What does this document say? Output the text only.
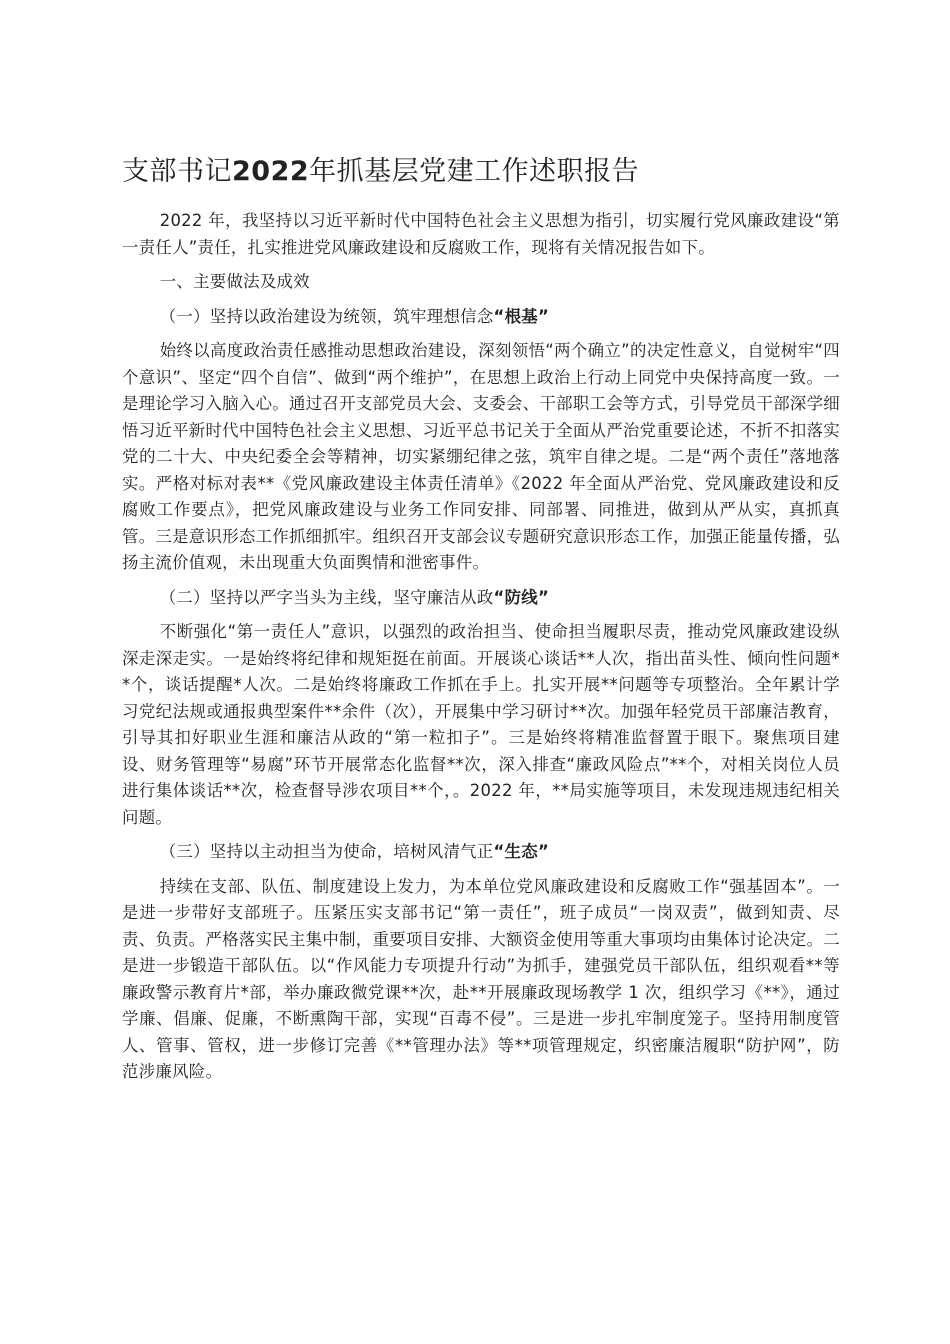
支部书记2022年抓基层党建工作述职报告

2022 年，我坚持以习近平新时代中国特色社会主义思想为指引，切实履行党风廉政建设“第一责任人”责任，扎实推进党风廉政建设和反腐败工作，现将有关情况报告如下。

一、主要做法及成效

（一）坚持以政治建设为统领，筑牢理想信念“根基”

始终以高度政治责任感推动思想政治建设，深刻领悟“两个确立”的决定性意义，自觉树牢“四个意识”、坚定“四个自信”、做到“两个维护”，在思想上政治上行动上同党中央保持高度一致。一是理论学习入脑入心。通过召开支部党员大会、支委会、干部职工会等方式，引导党员干部深学细悟习近平新时代中国特色社会主义思想、习近平总书记关于全面从严治党重要论述，不折不扣落实党的二十大、中央纪委全会等精神，切实紧绷纪律之弦，筑牢自律之堤。二是“两个责任”落地落实。严格对标对表**《党风廉政建设主体责任清单》《2022 年全面从严治党、党风廉政建设和反腐败工作要点》，把党风廉政建设与业务工作同安排、同部署、同推进，做到从严从实，真抓真管。三是意识形态工作抓细抓牢。组织召开支部会议专题研究意识形态工作，加强正能量传播，弘扬主流价值观，未出现重大负面舆情和泄密事件。

（二）坚持以严字当头为主线，坚守廉洁从政“防线”

不断强化“第一责任人”意识，以强烈的政治担当、使命担当履职尽责，推动党风廉政建设纵深走深走实。一是始终将纪律和规矩挺在前面。开展谈心谈话**人次，指出苗头性、倾向性问题**个，谈话提醒*人次。二是始终将廉政工作抓在手上。扎实开展**问题等专项整治。全年累计学习党纪法规或通报典型案件**余件（次），开展集中学习研讨**次。加强年轻党员干部廉洁教育，引导其扣好职业生涯和廉洁从政的“第一粒扣子”。三是始终将精准监督置于眼下。聚焦项目建设、财务管理等“易腐”环节开展常态化监督**次，深入排查“廉政风险点”**个，对相关岗位人员进行集体谈话**次，检查督导涉农项目**个，。2022 年，**局实施等项目，未发现违规违纪相关问题。

（三）坚持以主动担当为使命，培树风清气正“生态”

持续在支部、队伍、制度建设上发力，为本单位党风廉政建设和反腐败工作“强基固本”。一是进一步带好支部班子。压紧压实支部书记“第一责任”，班子成员“一岗双责”，做到知责、尽责、负责。严格落实民主集中制，重要项目安排、大额资金使用等重大事项均由集体讨论决定。二是进一步锻造干部队伍。以“作风能力专项提升行动”为抓手，建强党员干部队伍，组织观看**等廉政警示教育片*部，举办廉政微党课**次，赴**开展廉政现场教学 1 次，组织学习《**》，通过学廉、倡廉、促廉，不断熏陶干部，实现“百毒不侵”。三是进一步扎牢制度笼子。坚持用制度管人、管事、管权，进一步修订完善《**管理办法》等**项管理规定，织密廉洁履职“防护网”，防范涉廉风险。
